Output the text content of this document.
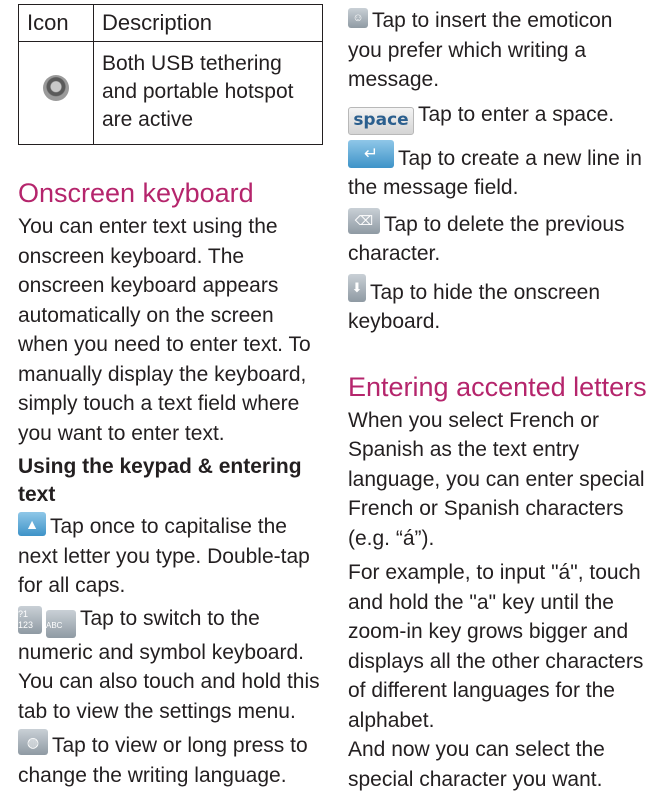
Icon	Description
	Both USB tethering and portable hotspot are active
Onscreen keyboard

You can enter text using the onscreen keyboard. The onscreen keyboard appears automatically on the screen when you need to enter text. To manually display the keyboard, simply touch a text field where you want to enter text.

Using the keypad & entering text

▲ Tap once to capitalise the next letter you type. Double-tap for all caps.

?1 123 ABC Tap to switch to the numeric and symbol keyboard. You can also touch and hold this tab to view the settings menu.

◍ Tap to view or long press to change the writing language.

☺ Tap to insert the emoticon you prefer which writing a message.

space Tap to enter a space.

↵ Tap to create a new line in the message field.

⌫ Tap to delete the previous character.

⬇ Tap to hide the onscreen keyboard.

Entering accented letters

When you select French or Spanish as the text entry language, you can enter special French or Spanish characters (e.g. “á”).

For example, to input "á", touch and hold the "a" key until the zoom-in key grows bigger and displays all the other characters of different languages for the alphabet.

And now you can select the special character you want.
